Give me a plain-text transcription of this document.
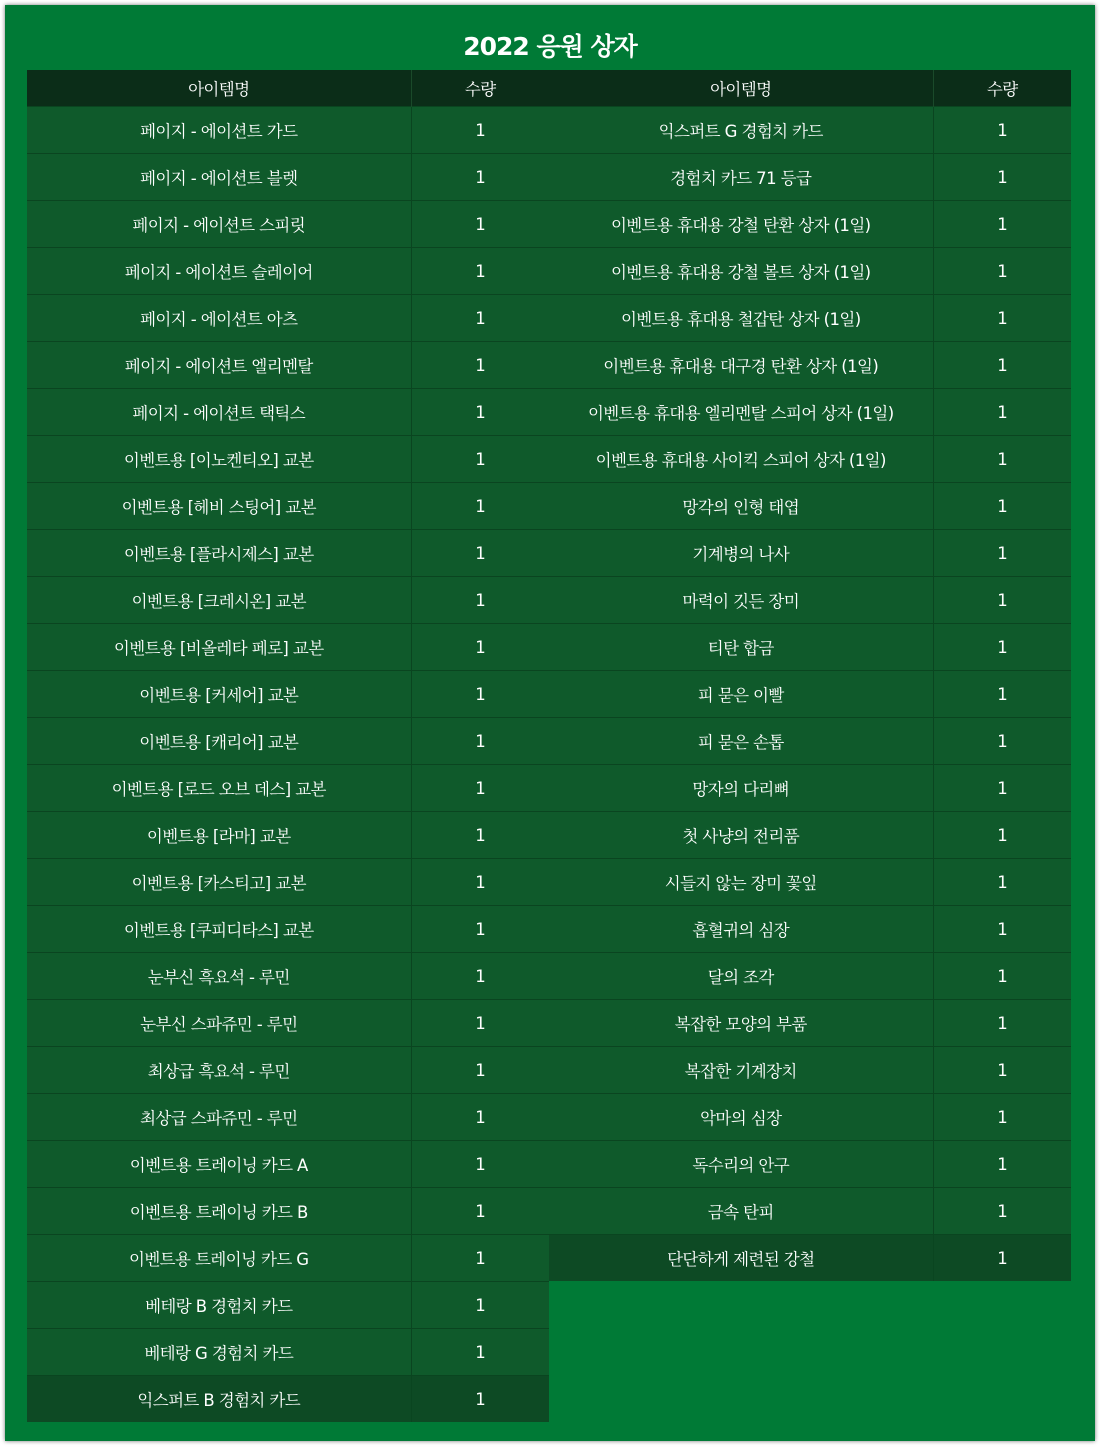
2022 응원 상자
아이템명	수량
페이지 - 에이션트 가드	1
페이지 - 에이션트 블렛	1
페이지 - 에이션트 스피릿	1
페이지 - 에이션트 슬레이어	1
페이지 - 에이션트 아츠	1
페이지 - 에이션트 엘리멘탈	1
페이지 - 에이션트 택틱스	1
이벤트용 [이노켄티오] 교본	1
이벤트용 [헤비 스팅어] 교본	1
이벤트용 [플라시제스] 교본	1
이벤트용 [크레시온] 교본	1
이벤트용 [비올레타 페로] 교본	1
이벤트용 [커세어] 교본	1
이벤트용 [캐리어] 교본	1
이벤트용 [로드 오브 데스] 교본	1
이벤트용 [라마] 교본	1
이벤트용 [카스티고] 교본	1
이벤트용 [쿠피디타스] 교본	1
눈부신 흑요석 - 루민	1
눈부신 스파쥬민 - 루민	1
최상급 흑요석 - 루민	1
최상급 스파쥬민 - 루민	1
이벤트용 트레이닝 카드 A	1
이벤트용 트레이닝 카드 B	1
이벤트용 트레이닝 카드 G	1
베테랑 B 경험치 카드	1
베테랑 G 경험치 카드	1
익스퍼트 B 경험치 카드	1
아이템명	수량
익스퍼트 G 경험치 카드	1
경험치 카드 71 등급	1
이벤트용 휴대용 강철 탄환 상자 (1일)	1
이벤트용 휴대용 강철 볼트 상자 (1일)	1
이벤트용 휴대용 철갑탄 상자 (1일)	1
이벤트용 휴대용 대구경 탄환 상자 (1일)	1
이벤트용 휴대용 엘리멘탈 스피어 상자 (1일)	1
이벤트용 휴대용 사이킥 스피어 상자 (1일)	1
망각의 인형 태엽	1
기계병의 나사	1
마력이 깃든 장미	1
티탄 합금	1
피 묻은 이빨	1
피 묻은 손톱	1
망자의 다리뼈	1
첫 사냥의 전리품	1
시들지 않는 장미 꽃잎	1
흡혈귀의 심장	1
달의 조각	1
복잡한 모양의 부품	1
복잡한 기계장치	1
악마의 심장	1
독수리의 안구	1
금속 탄피	1
단단하게 제련된 강철	1
